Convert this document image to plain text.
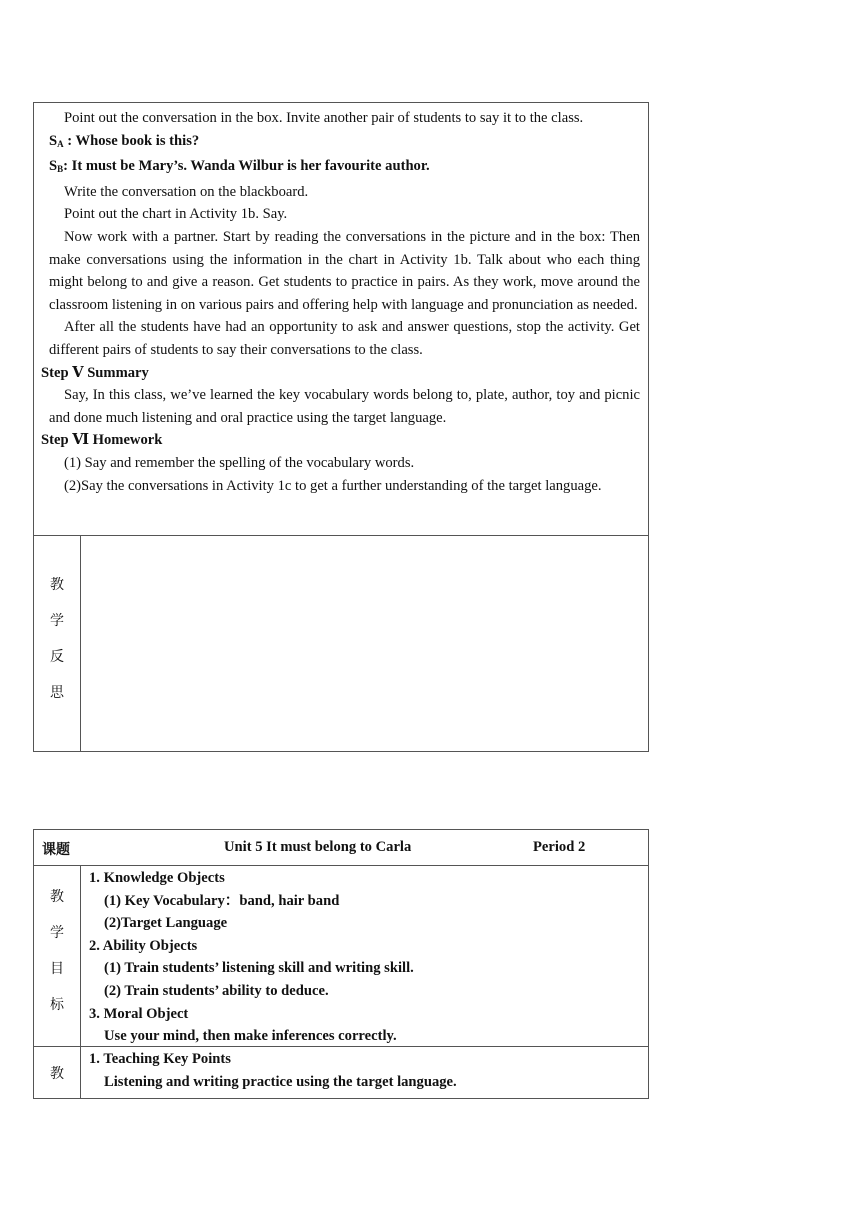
Point out the conversation in the box. Invite another pair of students to say it to the class.

$S_A$ : Whose book is this?

$S_B$: It must be Mary’s. Wanda Wilbur is her favourite author.

Write the conversation on the blackboard.

Point out the chart in Activity 1b. Say.

Now work with a partner. Start by reading the conversations in the picture and in the box: Then make conversations using the information in the chart in Activity 1b. Talk about who each thing might belong to and give a reason. Get students to practice in pairs. As they work, move around the classroom listening in on various pairs and offering help with language and pronunciation as needed.

After all the students have had an opportunity to ask and answer questions, stop the activity. Get different pairs of students to say their conversations to the class.

Step Ⅴ Summary

Say, In this class, we’ve learned the key vocabulary words belong to, plate, author, toy and picnic and done much listening and oral practice using the target language.

Step Ⅵ Homework

(1) Say and remember the spelling of the vocabulary words.

(2)Say the conversations in Activity 1c to get a further understanding of the target language.

教
学
反
思
课题	Unit 5 It must belong to Carla	Period 2
教
学
目
标

1. Knowledge Objects

(1) Key Vocabulary：band, hair band

(2)Target Language

2. Ability Objects

(1) Train students’ listening skill and writing skill.

(2) Train students’ ability to deduce.

3. Moral Object

Use your mind, then make inferences correctly.

教

1. Teaching Key Points

Listening and writing practice using the target language.
